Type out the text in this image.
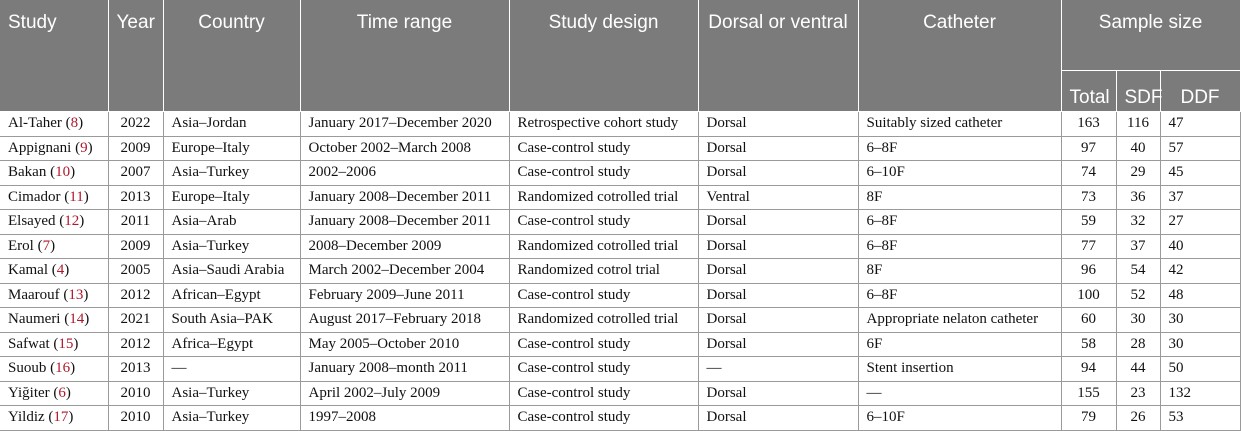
Study	Year	Country	Time range	Study design	Dorsal or ventral	Catheter	Sample size		
							Total	SDF	DDF
Al-Taher (8)	2022	Asia–Jordan	January 2017–December 2020	Retrospective cohort study	Dorsal	Suitably sized catheter	163	116	47
Appignani (9)	2009	Europe–Italy	October 2002–March 2008	Case-control study	Dorsal	6–8F	97	40	57
Bakan (10)	2007	Asia–Turkey	2002–2006	Case-control study	Dorsal	6–10F	74	29	45
Cimador (11)	2013	Europe–Italy	January 2008–December 2011	Randomized cotrolled trial	Ventral	8F	73	36	37
Elsayed (12)	2011	Asia–Arab	January 2008–December 2011	Case-control study	Dorsal	6–8F	59	32	27
Erol (7)	2009	Asia–Turkey	2008–December 2009	Randomized cotrolled trial	Dorsal	6–8F	77	37	40
Kamal (4)	2005	Asia–Saudi Arabia	March 2002–December 2004	Randomized cotrol trial	Dorsal	8F	96	54	42
Maarouf (13)	2012	African–Egypt	February 2009–June 2011	Case-control study	Dorsal	6–8F	100	52	48
Naumeri (14)	2021	South Asia–PAK	August 2017–February 2018	Randomized cotrolled trial	Dorsal	Appropriate nelaton catheter	60	30	30
Safwat (15)	2012	Africa–Egypt	May 2005–October 2010	Case-control study	Dorsal	6F	58	28	30
Suoub (16)	2013	—	January 2008–month 2011	Case-control study	—	Stent insertion	94	44	50
Yiğiter (6)	2010	Asia–Turkey	April 2002–July 2009	Case-control study	Dorsal	—	155	23	132
Yildiz (17)	2010	Asia–Turkey	1997–2008	Case-control study	Dorsal	6–10F	79	26	53
